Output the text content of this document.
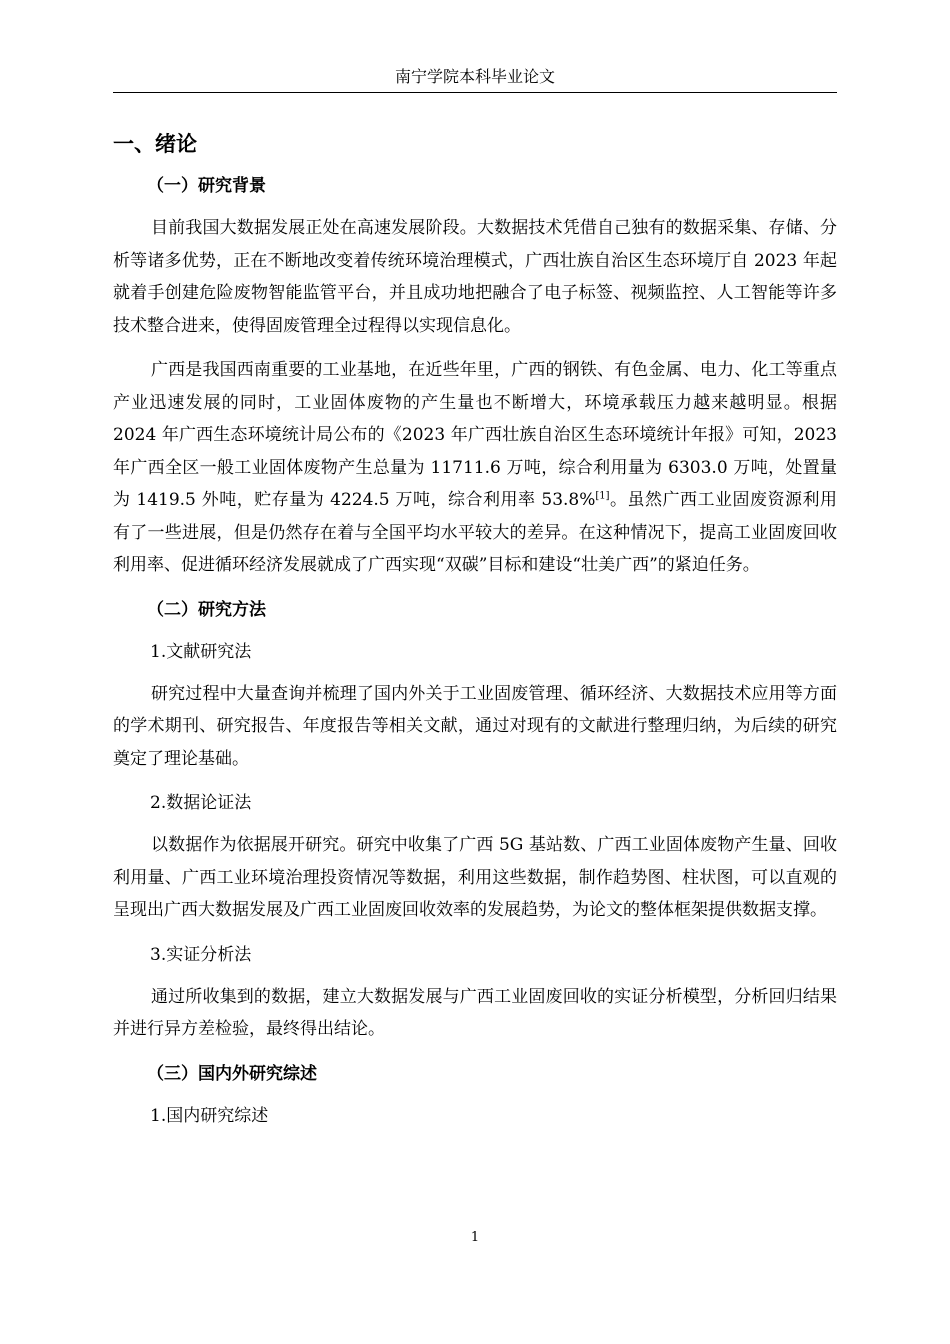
南宁学院本科毕业论文
一、绪论
（一）研究背景

目前我国大数据发展正处在高速发展阶段。大数据技术凭借自己独有的数据采集、存储、分析等诸多优势，正在不断地改变着传统环境治理模式，广西壮族自治区生态环境厅自 2023 年起就着手创建危险废物智能监管平台，并且成功地把融合了电子标签、视频监控、人工智能等许多技术整合进来，使得固废管理全过程得以实现信息化。

广西是我国西南重要的工业基地，在近些年里，广西的钢铁、有色金属、电力、化工等重点产业迅速发展的同时，工业固体废物的产生量也不断增大，环境承载压力越来越明显。根据 2024 年广西生态环境统计局公布的《2023 年广西壮族自治区生态环境统计年报》可知，2023 年广西全区一般工业固体废物产生总量为 11711.6 万吨，综合利用量为 6303.0 万吨，处置量为 1419.5 外吨，贮存量为 4224.5 万吨，综合利用率 53.8%[1]。虽然广西工业固废资源利用有了一些进展，但是仍然存在着与全国平均水平较大的差异。在这种情况下，提高工业固废回收利用率、促进循环经济发展就成了广西实现“双碳”目标和建设“壮美广西”的紧迫任务。

（二）研究方法
1.文献研究法

研究过程中大量查询并梳理了国内外关于工业固废管理、循环经济、大数据技术应用等方面的学术期刊、研究报告、年度报告等相关文献，通过对现有的文献进行整理归纳，为后续的研究奠定了理论基础。

2.数据论证法

以数据作为依据展开研究。研究中收集了广西 5G 基站数、广西工业固体废物产生量、回收利用量、广西工业环境治理投资情况等数据，利用这些数据，制作趋势图、柱状图，可以直观的呈现出广西大数据发展及广西工业固废回收效率的发展趋势，为论文的整体框架提供数据支撑。

3.实证分析法

通过所收集到的数据，建立大数据发展与广西工业固废回收的实证分析模型，分析回归结果并进行异方差检验，最终得出结论。

（三）国内外研究综述
1.国内研究综述
1
